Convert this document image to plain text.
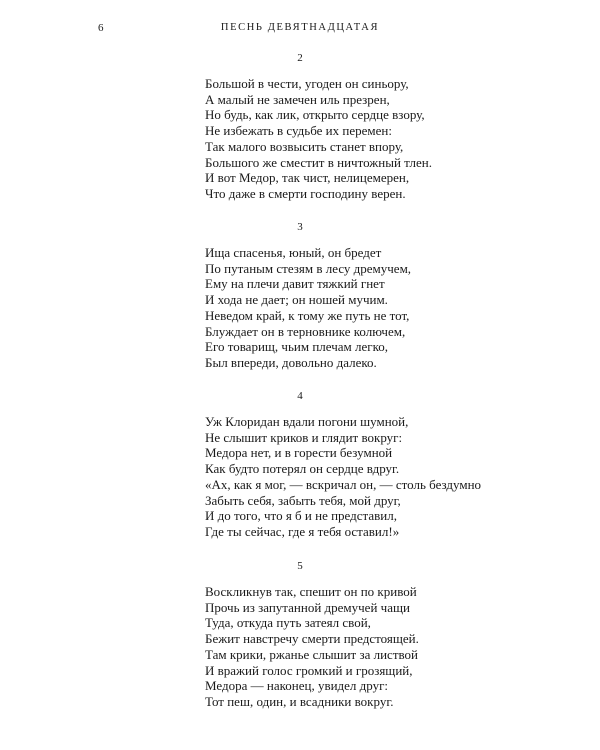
6	ПЕСНЬ ДЕВЯТНАДЦАТАЯ
2
Большой в чести, угоден он синьору,
А малый не замечен иль презрен,
Но будь, как лик, открыто сердце взору,
Не избежать в судьбе их перемен:
Так малого возвысить станет впору,
Большого же сместит в ничтожный тлен.
И вот Медор, так чист, нелицемерен,
Что даже в смерти господину верен.
3
Ища спасенья, юный, он бредет
По путаным стезям в лесу дремучем,
Ему на плечи давит тяжкий гнет
И хода не дает; он ношей мучим.
Неведом край, к тому же путь не тот,
Блуждает он в терновнике колючем,
Его товарищ, чьим плечам легко,
Был впереди, довольно далеко.
4
Уж Клоридан вдали погони шумной,
Не слышит криков и глядит вокруг:
Медора нет, и в горести безумной
Как будто потерял он сердце вдруг.
«Ах, как я мог, — вскричал он, — столь бездумно
Забыть себя, забыть тебя, мой друг,
И до того, что я б и не представил,
Где ты сейчас, где я тебя оставил!»
5
Воскликнув так, спешит он по кривой
Прочь из запутанной дремучей чащи
Туда, откуда путь затеял свой,
Бежит навстречу смерти предстоящей.
Там крики, ржанье слышит за листвой
И вражий голос громкий и грозящий,
Медора — наконец, увидел друг:
Тот пеш, один, и всадники вокруг.
